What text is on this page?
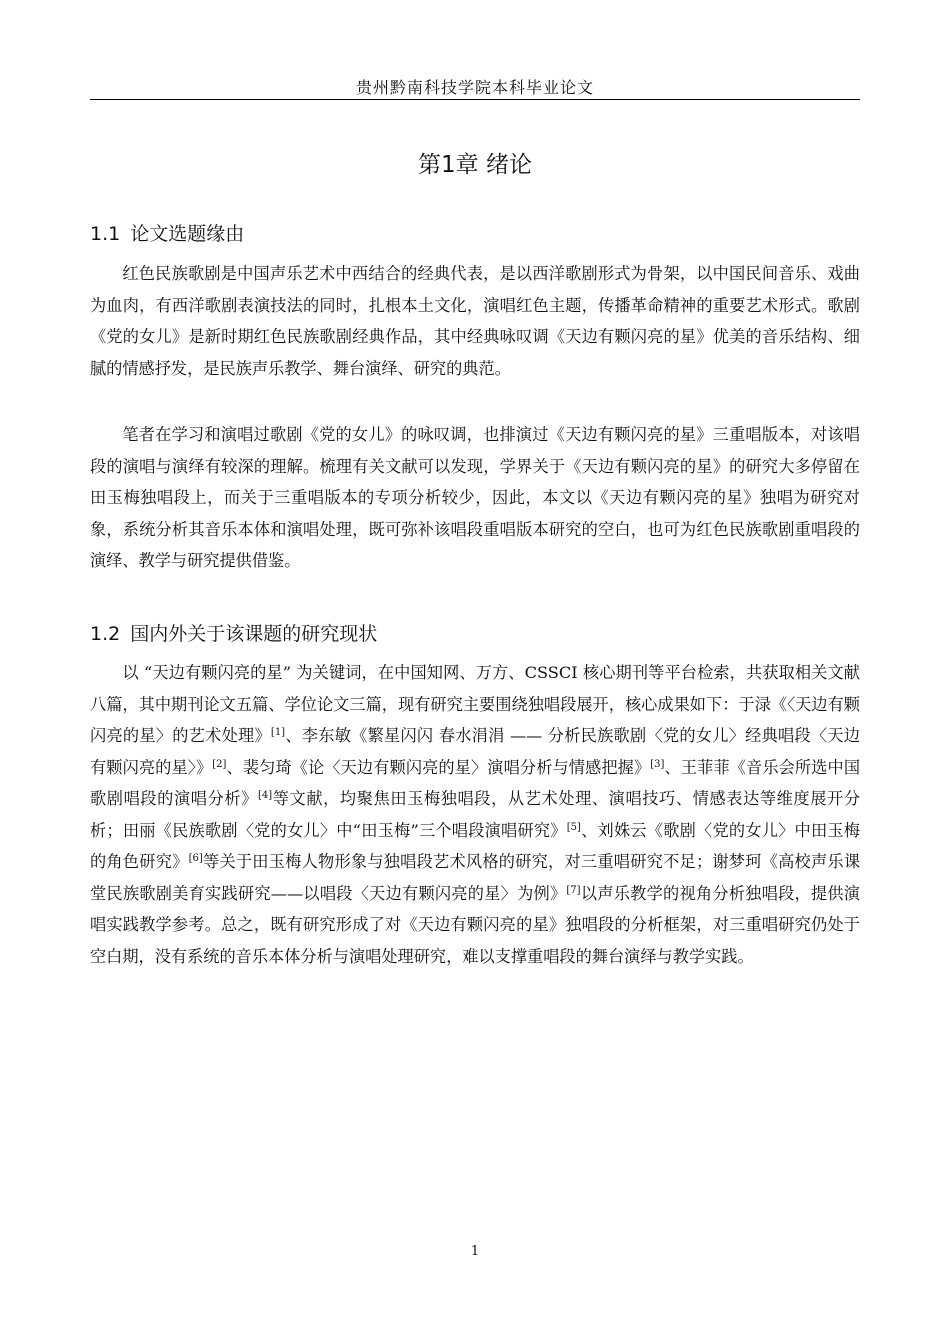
贵州黔南科技学院本科毕业论文
第1章 绪论
1.1 论文选题缘由

红色民族歌剧是中国声乐艺术中西结合的经典代表，是以西洋歌剧形式为骨架，以中国民间音乐、戏曲为血肉，有西洋歌剧表演技法的同时，扎根本土文化，演唱红色主题，传播革命精神的重要艺术形式。歌剧《党的女儿》是新时期红色民族歌剧经典作品，其中经典咏叹调《天边有颗闪亮的星》优美的音乐结构、细腻的情感抒发，是民族声乐教学、舞台演绎、研究的典范。

笔者在学习和演唱过歌剧《党的女儿》的咏叹调，也排演过《天边有颗闪亮的星》三重唱版本，对该唱段的演唱与演绎有较深的理解。梳理有关文献可以发现，学界关于《天边有颗闪亮的星》的研究大多停留在田玉梅独唱段上，而关于三重唱版本的专项分析较少，因此，本文以《天边有颗闪亮的星》独唱为研究对象，系统分析其音乐本体和演唱处理，既可弥补该唱段重唱版本研究的空白，也可为红色民族歌剧重唱段的演绎、教学与研究提供借鉴。

1.2 国内外关于该课题的研究现状

以 “天边有颗闪亮的星” 为关键词，在中国知网、万方、CSSCI 核心期刊等平台检索，共获取相关文献八篇，其中期刊论文五篇、学位论文三篇，现有研究主要围绕独唱段展开，核心成果如下：于渌《〈天边有颗闪亮的星〉的艺术处理》[1]、李东敏《繁星闪闪 春水涓涓 —— 分析民族歌剧〈党的女儿〉经典唱段〈天边有颗闪亮的星〉》[2]、裴匀琦《论〈天边有颗闪亮的星〉演唱分析与情感把握》[3]、王菲菲《音乐会所选中国歌剧唱段的演唱分析》[4]等文献，均聚焦田玉梅独唱段，从艺术处理、演唱技巧、情感表达等维度展开分析；田丽《民族歌剧〈党的女儿〉中“田玉梅”三个唱段演唱研究》[5]、刘姝云《歌剧〈党的女儿〉中田玉梅的角色研究》[6]等关于田玉梅人物形象与独唱段艺术风格的研究，对三重唱研究不足；谢梦珂《高校声乐课堂民族歌剧美育实践研究——以唱段〈天边有颗闪亮的星〉为例》[7]以声乐教学的视角分析独唱段，提供演唱实践教学参考。总之，既有研究形成了对《天边有颗闪亮的星》独唱段的分析框架，对三重唱研究仍处于空白期，没有系统的音乐本体分析与演唱处理研究，难以支撑重唱段的舞台演绎与教学实践。

1
